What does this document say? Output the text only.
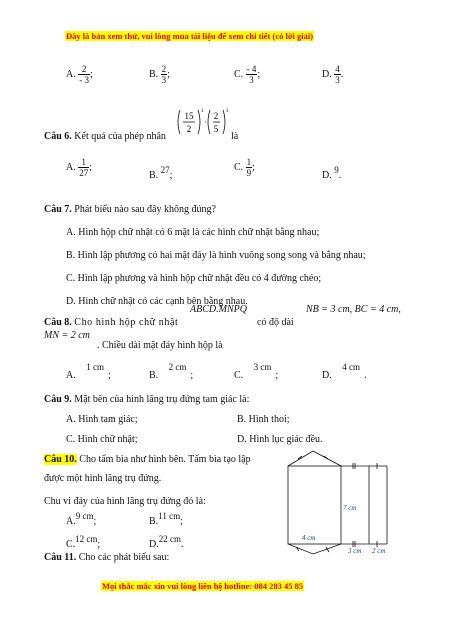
Đây là bản xem thử, vui lòng mua tài liệu để xem chi tiết (có lời giải)
A. $\frac{2}{- 3}$ ;	B. $\frac{2}{3}$ ;	C. $\frac{- 4}{3}$ ;	D. $\frac{4}{3}$ .
Câu 6. Kết quả của phép nhân
15
2
3
·
2
5
3
là
A. $\frac{1}{27}$ ;
B. 27;
C. $\frac{1}{9}$ ;
D. 9.
Câu 7. Phát biểu nào sau đây không đúng?
A. Hình hộp chữ nhật có 6 mặt là các hình chữ nhật bằng nhau;
B. Hình lập phương có hai mặt đáy là hình vuông song song và bằng nhau;
C. Hình lập phương và hình hộp chữ nhật đều có 4 đường chéo;
D. Hình chữ nhật có các cạnh bên bằng nhau.
Câu 8. Cho hình hộp chữ nhật
ABCD.MNPQ
có độ dài
NB = 3 cm, BC = 4 cm,
MN = 2 cm
. Chiều dài mặt đáy hình hộp là
A. 1 cm;	B. 2 cm;	C. 3 cm;	D. 4 cm.
Câu 9. Mặt bên của hình lăng trụ đứng tam giác là:
A. Hình tam giác;	B. Hình thoi;
C. Hình chữ nhật;	D. Hình lục giác đều.
Câu 10. Cho tấm bìa như hình bên. Tấm bìa tạo lập
được một hình lăng trụ đứng.
Chu vi đáy của hình lăng trụ đứng đó là:
A.9 cm;	B.11 cm;
C.12 cm;	D.22 cm.
7 cm
4 cm
3 cm 2 cm
Câu 11. Cho các phát biểu sau:
Mọi thắc mắc xin vui lòng liên hệ hotline: 084 283 45 85
